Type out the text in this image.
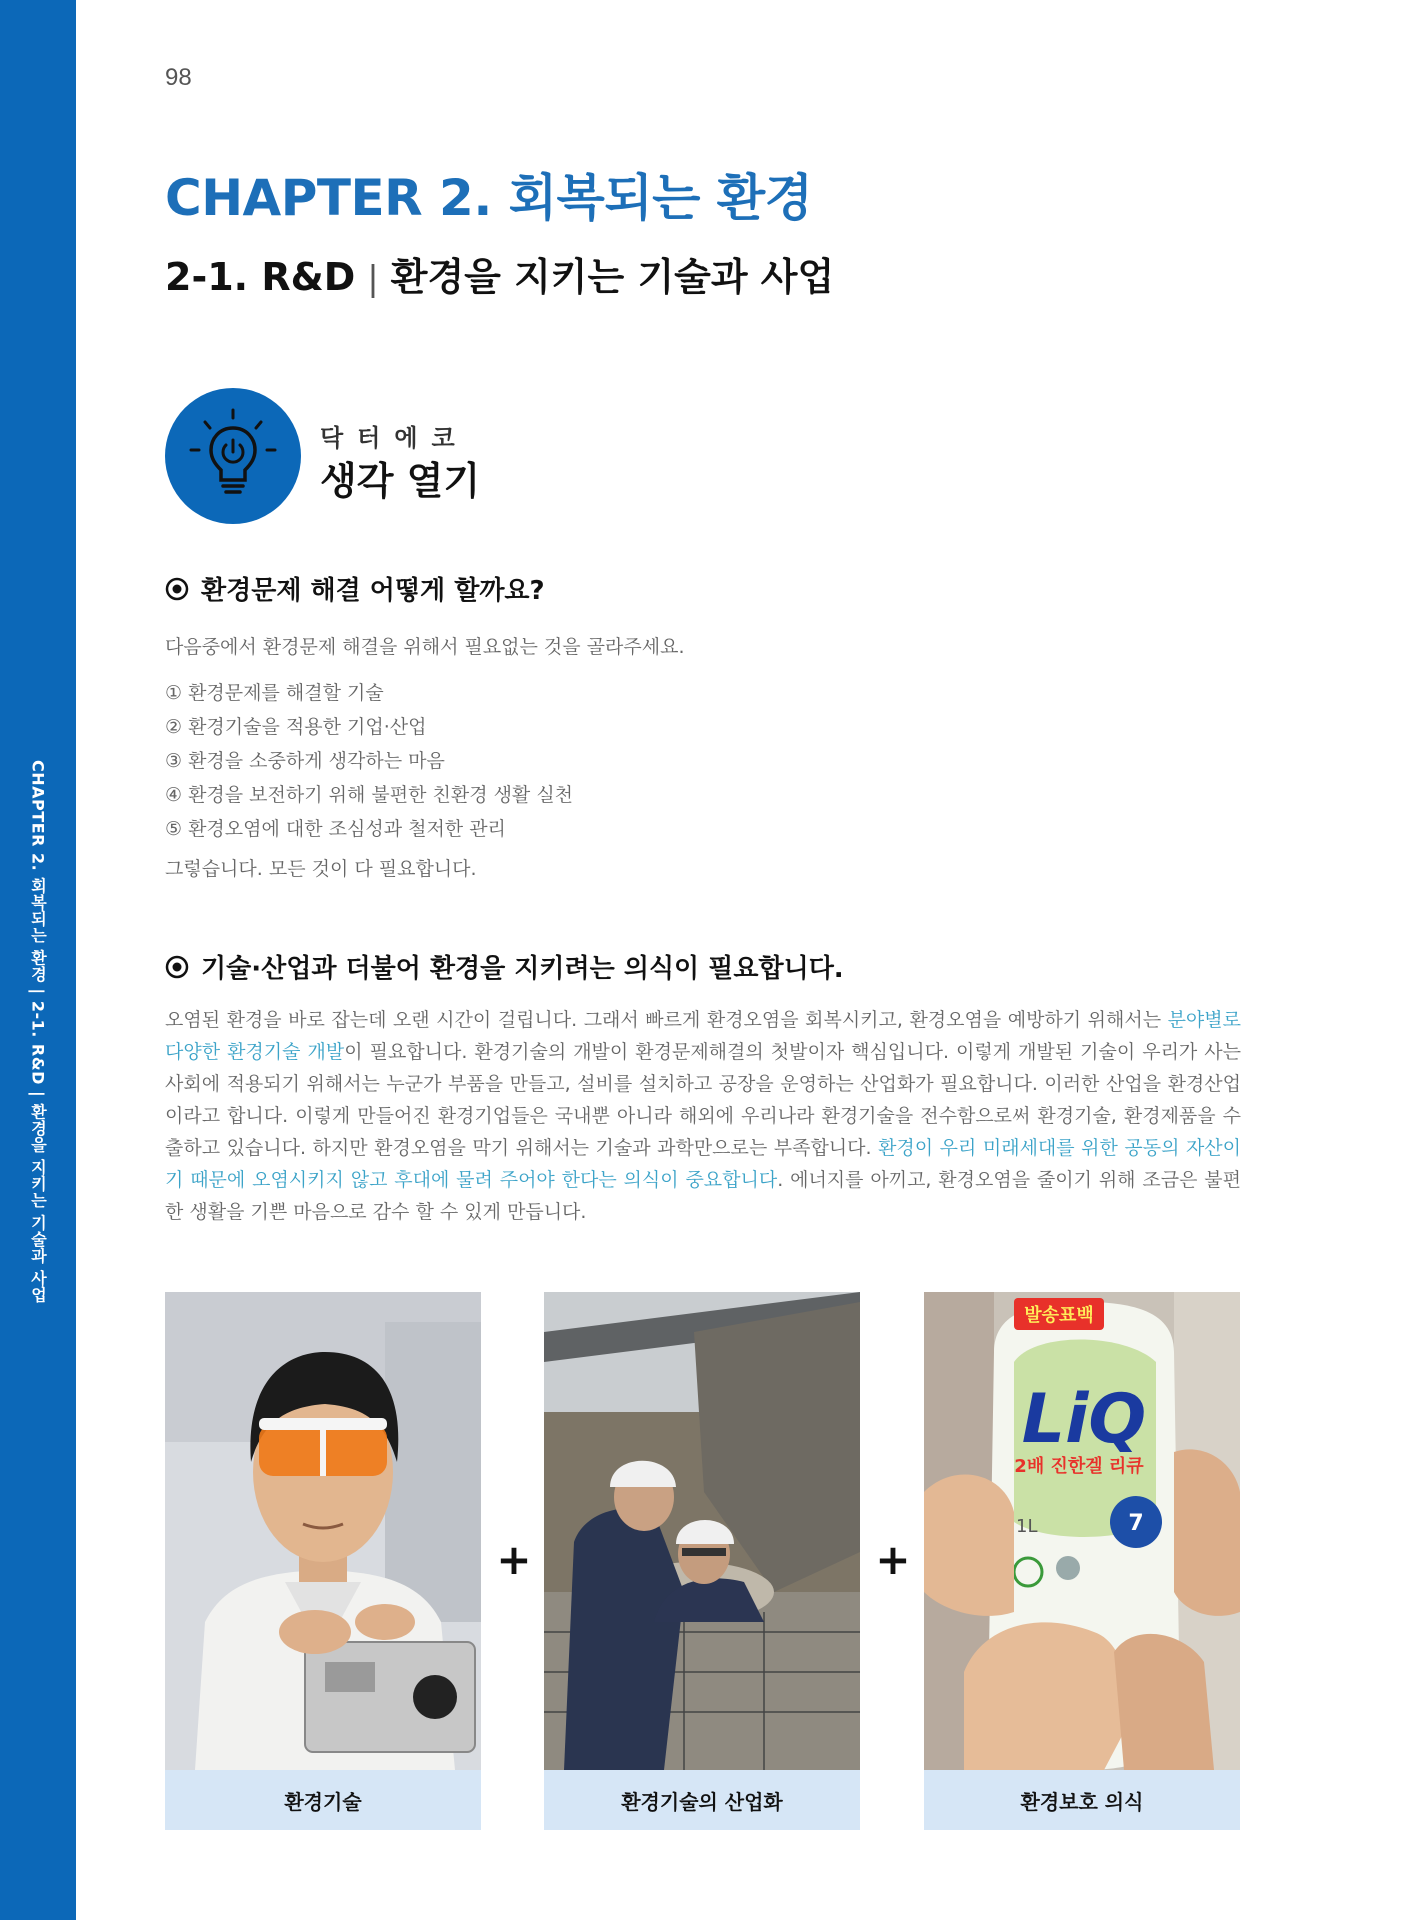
CHAPTER 2. 회복되는 환경 | 2-1. R&D | 환경을 지키는 기술과 사업
98
CHAPTER 2. 회복되는 환경
2-1. R&D | 환경을 지키는 기술과 사업
닥터에코
생각 열기
환경문제 해결 어떻게 할까요?
다음중에서 환경문제 해결을 위해서 필요없는 것을 골라주세요.
① 환경문제를 해결할 기술
② 환경기술을 적용한 기업·산업
③ 환경을 소중하게 생각하는 마음
④ 환경을 보전하기 위해 불편한 친환경 생활 실천
⑤ 환경오염에 대한 조심성과 철저한 관리
그렇습니다. 모든 것이 다 필요합니다.
기술·산업과 더불어 환경을 지키려는 의식이 필요합니다.
오염된 환경을 바로 잡는데 오랜 시간이 걸립니다. 그래서 빠르게 환경오염을 회복시키고, 환경오염을 예방하기 위해서는 분야별로 다양한 환경기술 개발이 필요합니다. 환경기술의 개발이 환경문제해결의 첫발이자 핵심입니다. 이렇게 개발된 기술이 우리가 사는 사회에 적용되기 위해서는 누군가 부품을 만들고, 설비를 설치하고 공장을 운영하는 산업화가 필요합니다. 이러한 산업을 환경산업이라고 합니다. 이렇게 만들어진 환경기업들은 국내뿐 아니라 해외에 우리나라 환경기술을 전수함으로써 환경기술, 환경제품을 수출하고 있습니다. 하지만 환경오염을 막기 위해서는 기술과 과학만으로는 부족합니다. 환경이 우리 미래세대를 위한 공동의 자산이기 때문에 오염시키지 않고 후대에 물려 주어야 한다는 의식이 중요합니다. 에너지를 아끼고, 환경오염을 줄이기 위해 조금은 불편한 생활을 기쁜 마음으로 감수 할 수 있게 만듭니다.
환경기술
+
환경기술의 산업화
+
발송표백
LiQ
2배 진한겔 리큐
7
1L
환경보호 의식
